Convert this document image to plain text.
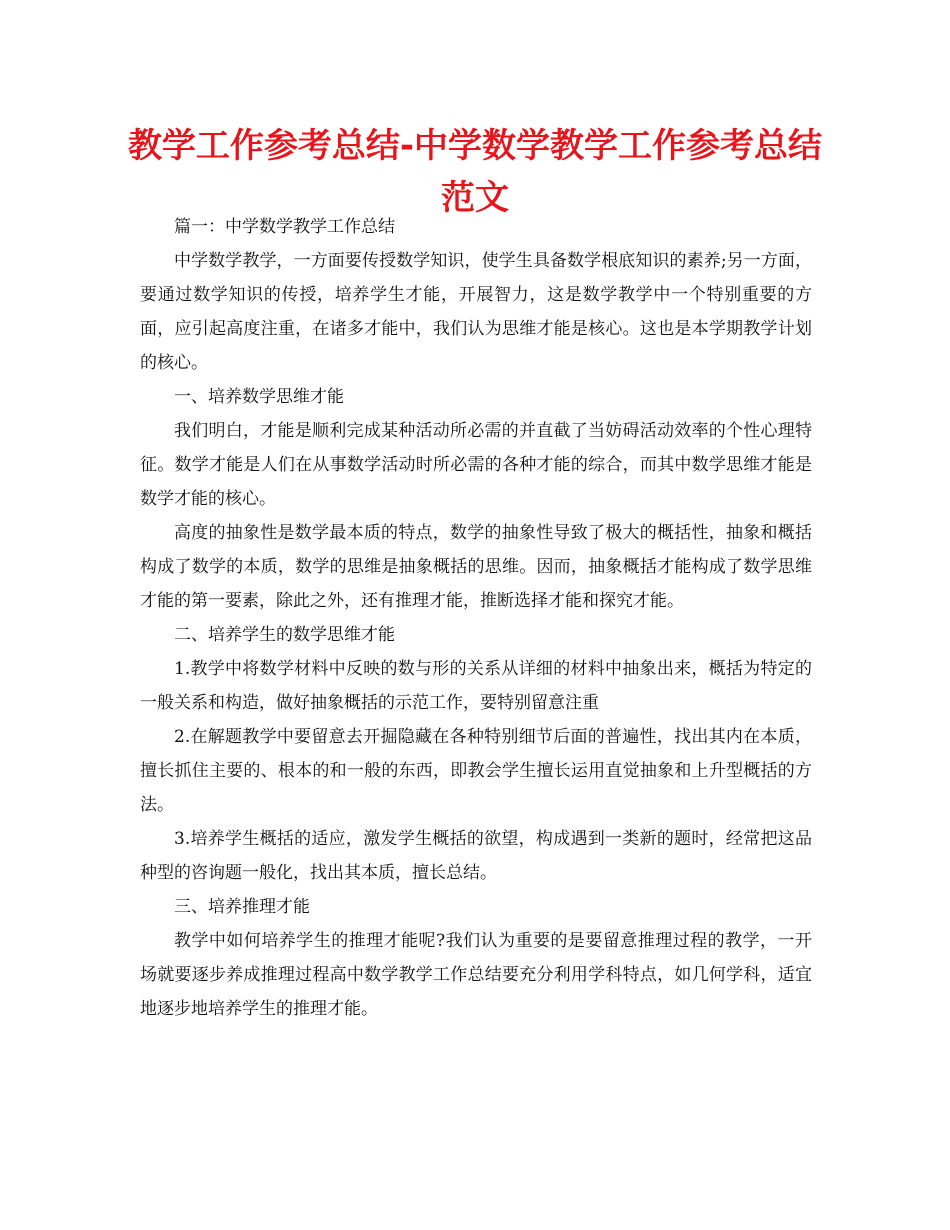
教学工作参考总结-中学数学教学工作参考总结范文

篇一：中学数学教学工作总结

中学数学教学，一方面要传授数学知识，使学生具备数学根底知识的素养;另一方面，要通过数学知识的传授，培养学生才能，开展智力，这是数学教学中一个特别重要的方面，应引起高度注重，在诸多才能中，我们认为思维才能是核心。这也是本学期教学计划的核心。

一、培养数学思维才能

我们明白，才能是顺利完成某种活动所必需的并直截了当妨碍活动效率的个性心理特征。数学才能是人们在从事数学活动时所必需的各种才能的综合，而其中数学思维才能是数学才能的核心。

高度的抽象性是数学最本质的特点，数学的抽象性导致了极大的概括性，抽象和概括构成了数学的本质，数学的思维是抽象概括的思维。因而，抽象概括才能构成了数学思维才能的第一要素，除此之外，还有推理才能，推断选择才能和探究才能。

二、培养学生的数学思维才能

1.教学中将数学材料中反映的数与形的关系从详细的材料中抽象出来，概括为特定的一般关系和构造，做好抽象概括的示范工作，要特别留意注重

2.在解题教学中要留意去开掘隐藏在各种特别细节后面的普遍性，找出其内在本质，擅长抓住主要的、根本的和一般的东西，即教会学生擅长运用直觉抽象和上升型概括的方法。

3.培养学生概括的适应，激发学生概括的欲望，构成遇到一类新的题时，经常把这品种型的咨询题一般化，找出其本质，擅长总结。

三、培养推理才能

教学中如何培养学生的推理才能呢?我们认为重要的是要留意推理过程的教学，一开场就要逐步养成推理过程高中数学教学工作总结要充分利用学科特点，如几何学科，适宜地逐步地培养学生的推理才能。
